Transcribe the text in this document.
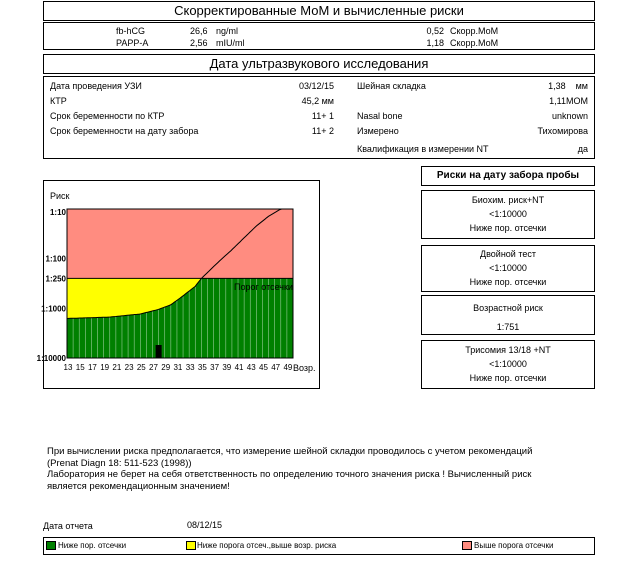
Скорректированные МоМ и вычисленные риски
fb-hCG	26,6 ng/ml	0,52 Скорр.МоМ
PAPP-A	2,56 mIU/ml	1,18 Скорр.МоМ
Дата ультразвукового исследования
Дата проведения УЗИ	03/12/15
КТР	45,2 мм
Срок беременности по КТР	11+ 1
Срок беременности на дату забора	11+ 2
Шейная складка	1,38    мм
1,11МОМ
Nasal bone	unknown
Измерено	Тихомирова
Квалификация в измерении NT	да
1:10
1:100
1:250
1:1000
1:10000
13 15 17 19 21 23 25 27 29 31 33 35 37 39 41 43 45 47 49
Риск
Возр.
Порог отсечки
Риски на дату забора пробы
Биохим. риск+NT
<1:10000
Ниже пор. отсечки
Двойной тест
<1:10000
Ниже пор. отсечки
Возрастной риск
1:751
Трисомия 13/18 +NT
<1:10000
Ниже пор. отсечки
При вычислении риска предполагается, что измерение шейной складки проводилось с учетом рекомендаций
(Prenat Diagn 18: 511-523 (1998))
Лаборатория не берет на себя ответственность по определению точного значения риска ! Вычисленный риск
является рекомендационным значением!
Дата отчета	08/12/15
Ниже пор. отсечки	Ниже порога отсеч.,выше возр. риска	Выше порога отсечки
